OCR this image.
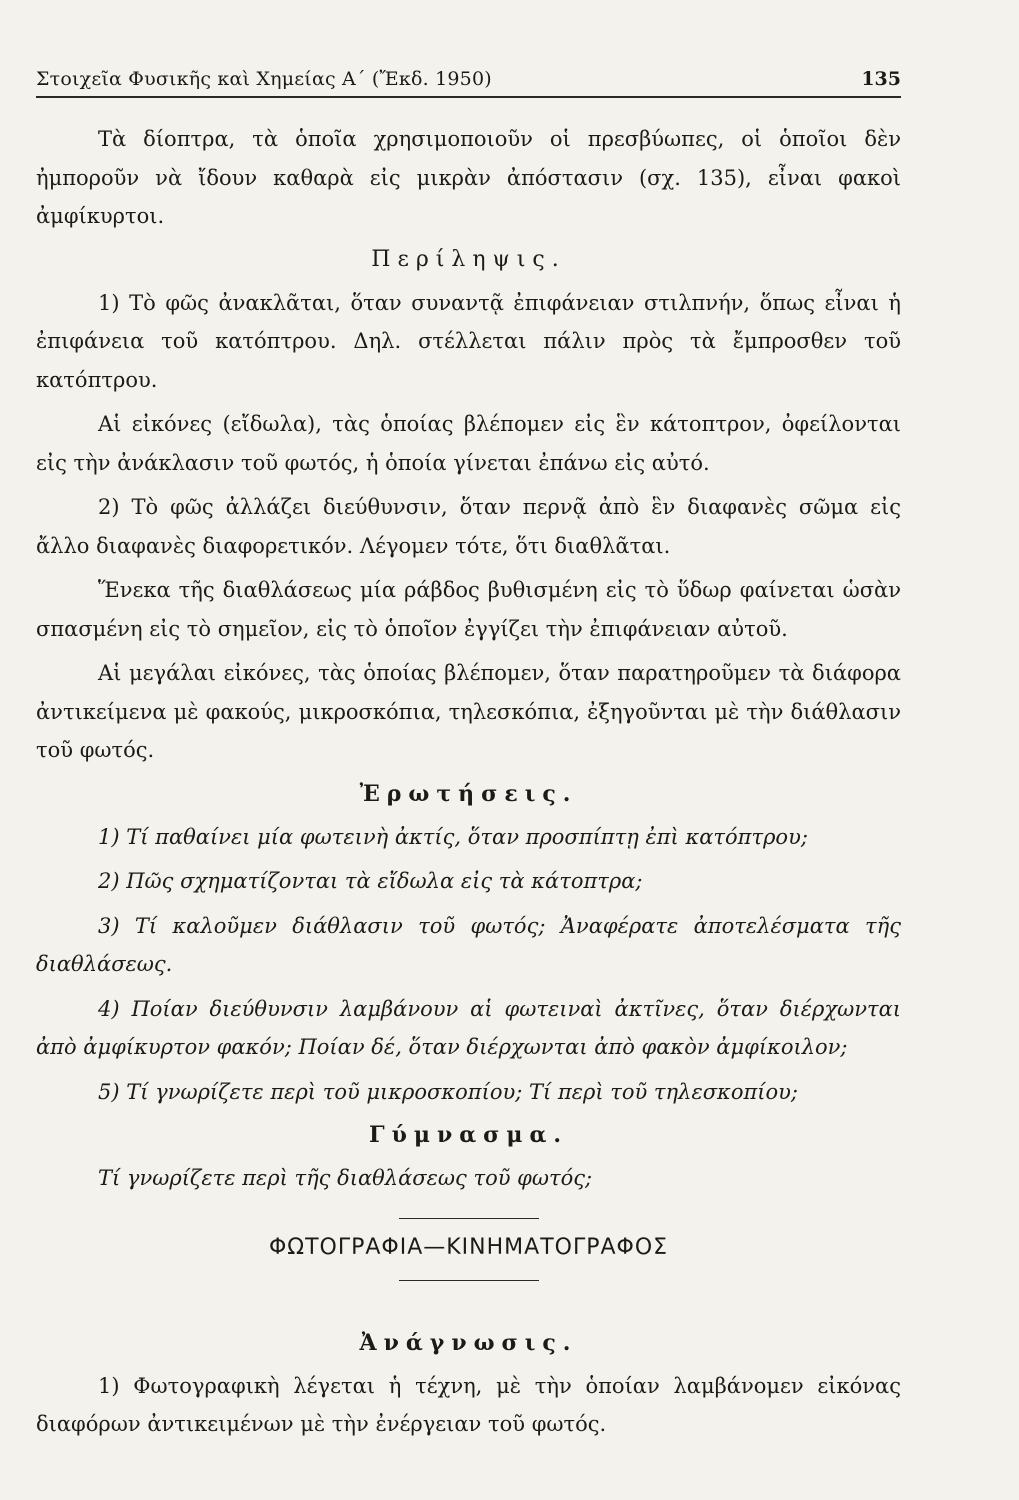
Στοιχεῖα Φυσικῆς καὶ Χημείας Α΄ (Ἔκδ. 1950)	135

Τὰ δίοπτρα, τὰ ὁποῖα χρησιμοποιοῦν οἱ πρεσβύωπες, οἱ ὁποῖοι δὲν ἠμποροῦν νὰ ἴδουν καθαρὰ εἰς μικρὰν ἀπόστασιν (σχ. 135), εἶναι φακοὶ ἀμφίκυρτοι.

Περίληψις.

1) Τὸ φῶς ἀνακλᾶται, ὅταν συναντᾷ ἐπιφάνειαν στιλπνήν, ὅπως εἶναι ἡ ἐπιφάνεια τοῦ κατόπτρου. Δηλ. στέλλεται πάλιν πρὸς τὰ ἔμπροσθεν τοῦ κατόπτρου.

Αἱ εἰκόνες (εἴδωλα), τὰς ὁποίας βλέπομεν εἰς ἓν κάτοπτρον, ὀφείλονται εἰς τὴν ἀνάκλασιν τοῦ φωτός, ἡ ὁποία γίνεται ἐπάνω εἰς αὐτό.

2) Τὸ φῶς ἀλλάζει διεύθυνσιν, ὅταν περνᾷ ἀπὸ ἓν διαφανὲς σῶμα εἰς ἄλλο διαφανὲς διαφορετικόν. Λέγομεν τότε, ὅτι διαθλᾶται.

Ἕνεκα τῆς διαθλάσεως μία ράβδος βυθισμένη εἰς τὸ ὕδωρ φαίνεται ὡσὰν σπασμένη εἰς τὸ σημεῖον, εἰς τὸ ὁποῖον ἐγγίζει τὴν ἐπιφάνειαν αὐτοῦ.

Αἱ μεγάλαι εἰκόνες, τὰς ὁποίας βλέπομεν, ὅταν παρατηροῦμεν τὰ διάφορα ἀντικείμενα μὲ φακούς, μικροσκόπια, τηλεσκόπια, ἐξηγοῦνται μὲ τὴν διάθλασιν τοῦ φωτός.

Ἐρωτήσεις.

1) Τί παθαίνει μία φωτεινὴ ἀκτίς, ὅταν προσπίπτῃ ἐπὶ κατόπτρου;

2) Πῶς σχηματίζονται τὰ εἴδωλα εἰς τὰ κάτοπτρα;

3) Τί καλοῦμεν διάθλασιν τοῦ φωτός; Ἀναφέρατε ἀποτελέσματα τῆς διαθλάσεως.

4) Ποίαν διεύθυνσιν λαμβάνουν αἱ φωτειναὶ ἀκτῖνες, ὅταν διέρχωνται ἀπὸ ἀμφίκυρτον φακόν; Ποίαν δέ, ὅταν διέρχωνται ἀπὸ φακὸν ἀμφίκοιλον;

5) Τί γνωρίζετε περὶ τοῦ μικροσκοπίου; Τί περὶ τοῦ τηλεσκοπίου;

Γύμνασμα.

Τί γνωρίζετε περὶ τῆς διαθλάσεως τοῦ φωτός;

ΦΩΤΟΓΡΑΦΙΑ—ΚΙΝΗΜΑΤΟΓΡΑΦΟΣ
Ἀνάγνωσις.

1) Φωτογραφικὴ λέγεται ἡ τέχνη, μὲ τὴν ὁποίαν λαμβάνομεν εἰκόνας διαφόρων ἀντικειμένων μὲ τὴν ἐνέργειαν τοῦ φωτός.
